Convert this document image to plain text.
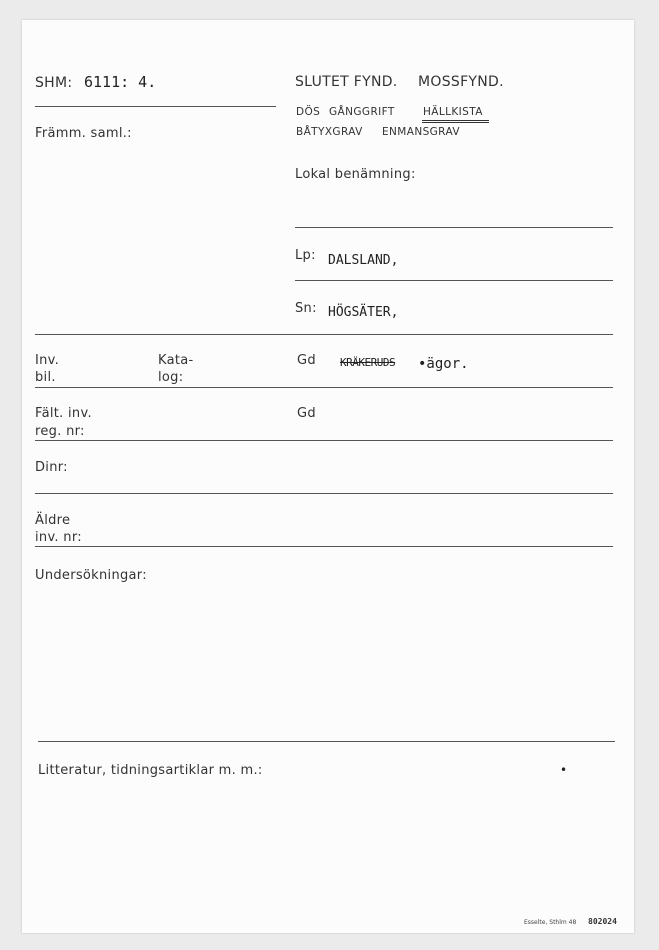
SHM: 6111: 4.
Främm. saml.:
SLUTET FYND. MOSSFYND.
DÖS GÅNGGRIFT	HÄLLKISTA
BÅTYXGRAV ENMANSGRAV
Lokal benämning:
Lp: DALSLAND,
Sn: HÖGSÄTER,
Inv.
bil.
Kata-
log:
Gd KRÄKERUDS •ägor.
Fält. inv.
reg. nr:
Gd
Dinr:
Äldre
inv. nr:
Undersökningar:
Litteratur, tidningsartiklar m. m.:	•
Esselte, Sthlm 48 802024
